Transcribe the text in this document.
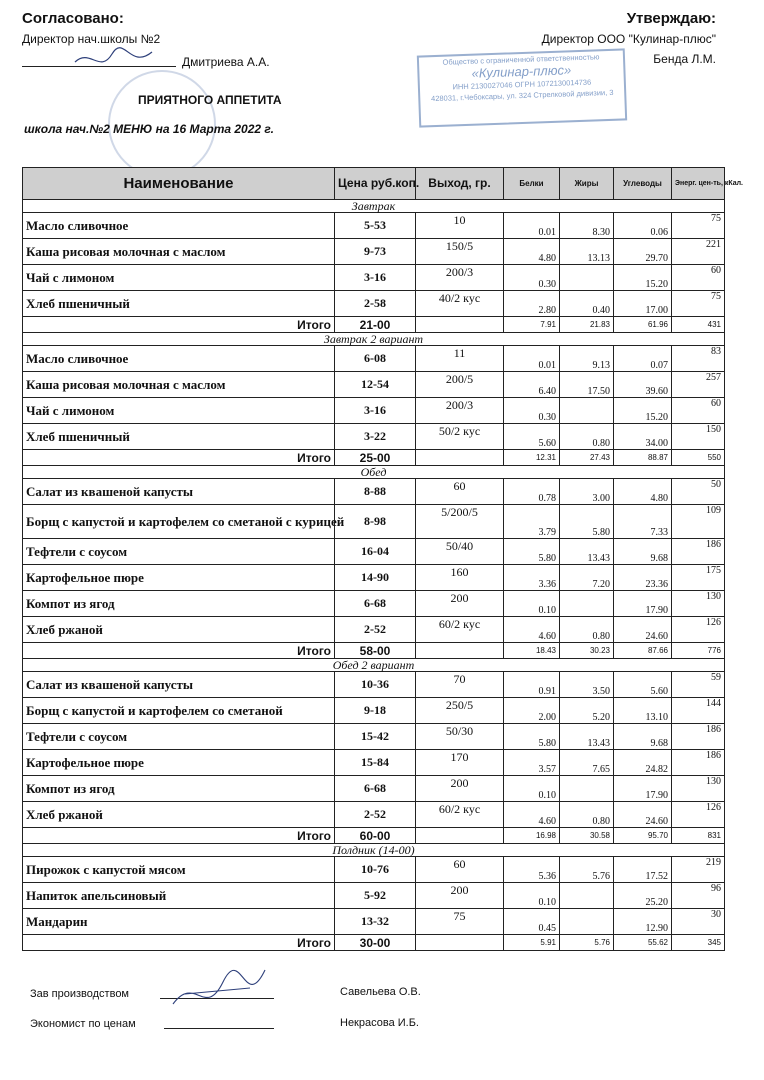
Согласовано:
Директор нач.школы №2
Дмитриева А.А.
ПРИЯТНОГО АППЕТИТА
школа нач.№2 МЕНЮ на 16 Марта 2022 г.
Утверждаю:
Директор ООО "Кулинар-плюс"
Бенда Л.М.
Общество с ограниченной ответственностью
«Кулинар-плюс»
ИНН 2130027046 ОГРН 1072130014736
428031, г.Чебоксары, ул. 324 Стрелковой дивизии, 3
Наименование	Цена руб.коп.	Выход, гр.	Белки	Жиры	Углеводы	Энерг. цен-ть, кКал.
Завтрак						
Масло сливочное	5-53	10	0.01	8.30	0.06	75
Каша рисовая молочная с маслом	9-73	150/5	4.80	13.13	29.70	221
Чай с лимоном	3-16	200/3	0.30		15.20	60
Хлеб пшеничный	2-58	40/2 кус	2.80	0.40	17.00	75
Итого	21-00		7.91	21.83	61.96	431
Завтрак 2 вариант						
Масло сливочное	6-08	11	0.01	9.13	0.07	83
Каша рисовая молочная с маслом	12-54	200/5	6.40	17.50	39.60	257
Чай с лимоном	3-16	200/3	0.30		15.20	60
Хлеб пшеничный	3-22	50/2 кус	5.60	0.80	34.00	150
Итого	25-00		12.31	27.43	88.87	550
Обед						
Салат из квашеной капусты	8-88	60	0.78	3.00	4.80	50
Борщ с капустой и картофелем со сметаной с курицей	8-98	5/200/5	3.79	5.80	7.33	109
Тефтели с соусом	16-04	50/40	5.80	13.43	9.68	186
Картофельное пюре	14-90	160	3.36	7.20	23.36	175
Компот из ягод	6-68	200	0.10		17.90	130
Хлеб ржаной	2-52	60/2 кус	4.60	0.80	24.60	126
Итого	58-00		18.43	30.23	87.66	776
Обед 2 вариант						
Салат из квашеной капусты	10-36	70	0.91	3.50	5.60	59
Борщ с капустой и картофелем со сметаной	9-18	250/5	2.00	5.20	13.10	144
Тефтели с соусом	15-42	50/30	5.80	13.43	9.68	186
Картофельное пюре	15-84	170	3.57	7.65	24.82	186
Компот из ягод	6-68	200	0.10		17.90	130
Хлеб ржаной	2-52	60/2 кус	4.60	0.80	24.60	126
Итого	60-00		16.98	30.58	95.70	831
Полдник (14-00)						
Пирожок с капустой мясом	10-76	60	5.36	5.76	17.52	219
Напиток апельсиновый	5-92	200	0.10		25.20	96
Мандарин	13-32	75	0.45		12.90	30
Итого	30-00		5.91	5.76	55.62	345
Зав производством	Савельева О.В.
Экономист по ценам	Некрасова И.Б.
